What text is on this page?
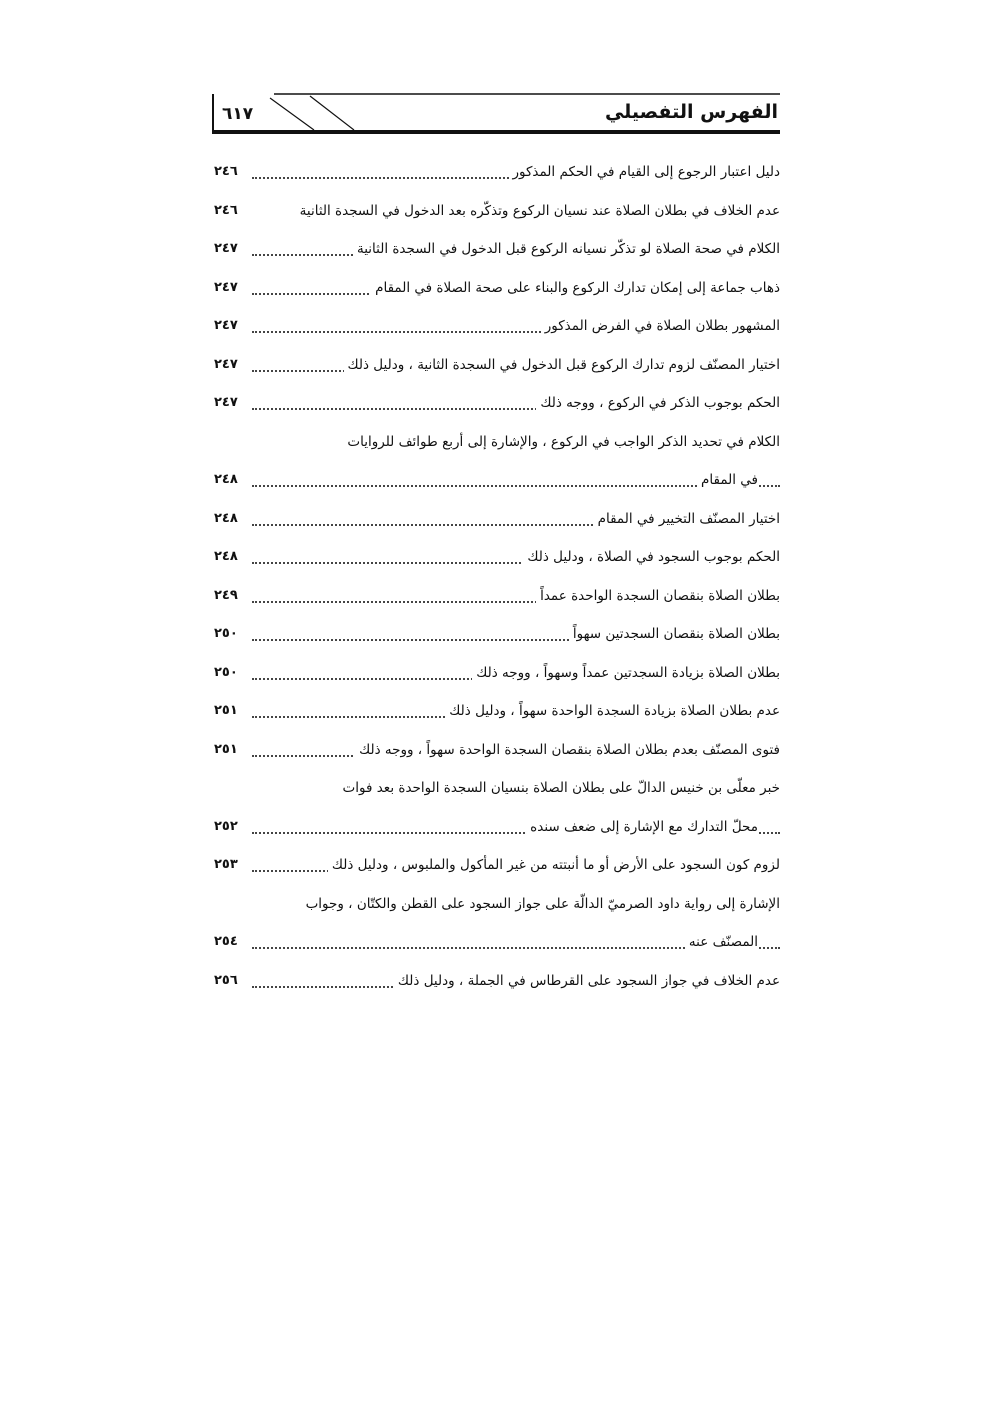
٦١٧	الفهرس التفصيلي
دليل اعتبار الرجوع إلى القيام في الحكم المذكور
٢٤٦
عدم الخلاف في بطلان الصلاة عند نسيان الركوع وتذكّره بعد الدخول في السجدة الثانية
٢٤٦
الكلام في صحة الصلاة لو تذكّر نسيانه الركوع قبل الدخول في السجدة الثانية
٢٤٧
ذهاب جماعة إلى إمكان تدارك الركوع والبناء على صحة الصلاة في المقام
٢٤٧
المشهور بطلان الصلاة في الفرض المذكور
٢٤٧
اختيار المصنّف لزوم تدارك الركوع قبل الدخول في السجدة الثانية ، ودليل ذلك
٢٤٧
الحكم بوجوب الذكر في الركوع ، ووجه ذلك
٢٤٧
الكلام في تحديد الذكر الواجب في الركوع ، والإشارة إلى أربع طوائف للروايات
في المقام
٢٤٨
اختيار المصنّف التخيير في المقام
٢٤٨
الحكم بوجوب السجود في الصلاة ، ودليل ذلك
٢٤٨
بطلان الصلاة بنقصان السجدة الواحدة عمداً
٢٤٩
بطلان الصلاة بنقصان السجدتين سهواً
٢٥٠
بطلان الصلاة بزيادة السجدتين عمداً وسهواً ، ووجه ذلك
٢٥٠
عدم بطلان الصلاة بزيادة السجدة الواحدة سهواً ، ودليل ذلك
٢٥١
فتوى المصنّف بعدم بطلان الصلاة بنقصان السجدة الواحدة سهواً ، ووجه ذلك
٢٥١
خبر معلّى بن خنيس الدالّ على بطلان الصلاة بنسيان السجدة الواحدة بعد فوات
محلّ التدارك مع الإشارة إلى ضعف سنده
٢٥٢
لزوم كون السجود على الأرض أو ما أنبتته من غير المأكول والملبوس ، ودليل ذلك
٢٥٣
الإشارة إلى رواية داود الصرميّ الدالّة على جواز السجود على القطن والكتّان ، وجواب
المصنّف عنه
٢٥٤
عدم الخلاف في جواز السجود على القرطاس في الجملة ، ودليل ذلك
٢٥٦
